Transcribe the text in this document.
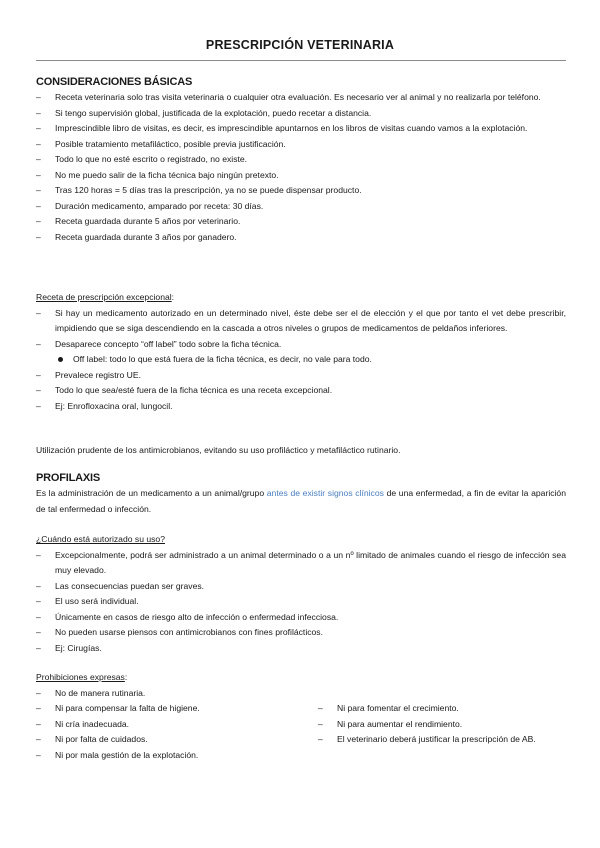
PRESCRIPCIÓN VETERINARIA

CONSIDERACIONES BÁSICAS

– Receta veterinaria solo tras visita veterinaria o cualquier otra evaluación. Es necesario ver al animal y no realizarla por teléfono.
– Si tengo supervisión global, justificada de la explotación, puedo recetar a distancia.
– Imprescindible libro de visitas, es decir, es imprescindible apuntarnos en los libros de visitas cuando vamos a la explotación.
– Posible tratamiento metafiláctico, posible previa justificación.
– Todo lo que no esté escrito o registrado, no existe.
– No me puedo salir de la ficha técnica bajo ningún pretexto.
– Tras 120 horas = 5 días tras la prescripción, ya no se puede dispensar producto.
– Duración medicamento, amparado por receta: 30 días.
– Receta guardada durante 5 años por veterinario.
– Receta guardada durante 3 años por ganadero.

Receta de prescripción excepcional:

– Si hay un medicamento autorizado en un determinado nivel, éste debe ser el de elección y el que por tanto el vet debe prescribir, impidiendo que se siga descendiendo en la cascada a otros niveles o grupos de medicamentos de peldaños inferiores.
– Desaparece concepto “off label” todo sobre la ficha técnica.
Off label: todo lo que está fuera de la ficha técnica, es decir, no vale para todo.
– Prevalece registro UE.
– Todo lo que sea/esté fuera de la ficha técnica es una receta excepcional.
– Ej: Enrofloxacina oral, lungocil.

Utilización prudente de los antimicrobianos, evitando su uso profiláctico y metafiláctico rutinario.

PROFILAXIS

Es la administración de un medicamento a un animal/grupo antes de existir signos clínicos de una enfermedad, a fin de evitar la aparición de tal enfermedad o infección.

¿Cuándo está autorizado su uso?

– Excepcionalmente, podrá ser administrado a un animal determinado o a un nº limitado de animales cuando el riesgo de infección sea muy elevado.
– Las consecuencias puedan ser graves.
– El uso será individual.
– Únicamente en casos de riesgo alto de infección o enfermedad infecciosa.
– No pueden usarse piensos con antimicrobianos con fines profilácticos.
– Ej: Cirugías.

Prohibiciones expresas:

– No de manera rutinaria.
– Ni para compensar la falta de higiene.
– Ni cría inadecuada.
– Ni por falta de cuidados.
– Ni por mala gestión de la explotación.
– Ni para fomentar el crecimiento.
– Ni para aumentar el rendimiento.
– El veterinario deberá justificar la prescripción de AB.
